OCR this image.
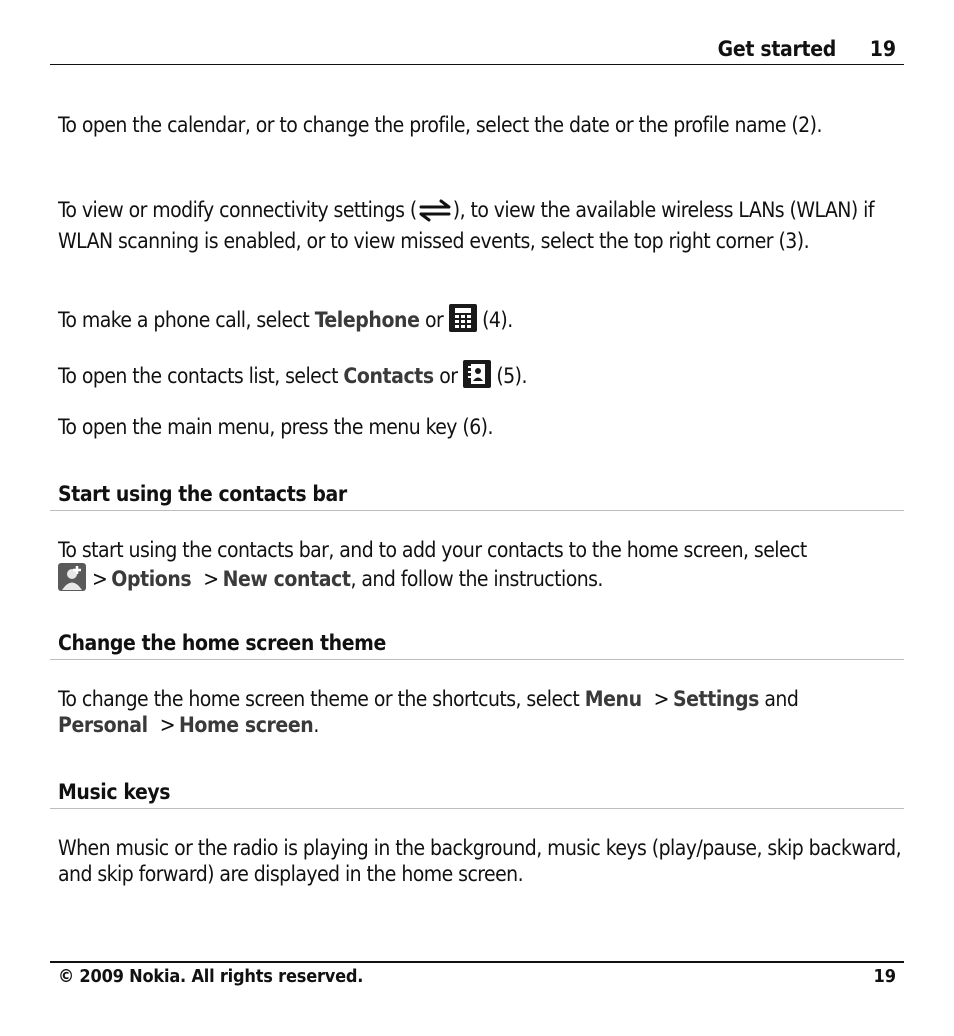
Get started 19

To open the calendar, or to change the profile, select the date or the profile name (2).

To view or modify connectivity settings ( ), to view the available wireless LANs (WLAN) if WLAN scanning is enabled, or to view missed events, select the top right corner (3).

To make a phone call, select Telephone or  (4).

To open the contacts list, select Contacts or  (5).

To open the main menu, press the menu key (6).

Start using the contacts bar

To start using the contacts bar, and to add your contacts to the home screen, select
> Options > New contact, and follow the instructions.

Change the home screen theme

To change the home screen theme or the shortcuts, select Menu > Settings and
Personal > Home screen.

Music keys

When music or the radio is playing in the background, music keys (play/pause, skip backward, and skip forward) are displayed in the home screen.

© 2009 Nokia. All rights reserved.	19
